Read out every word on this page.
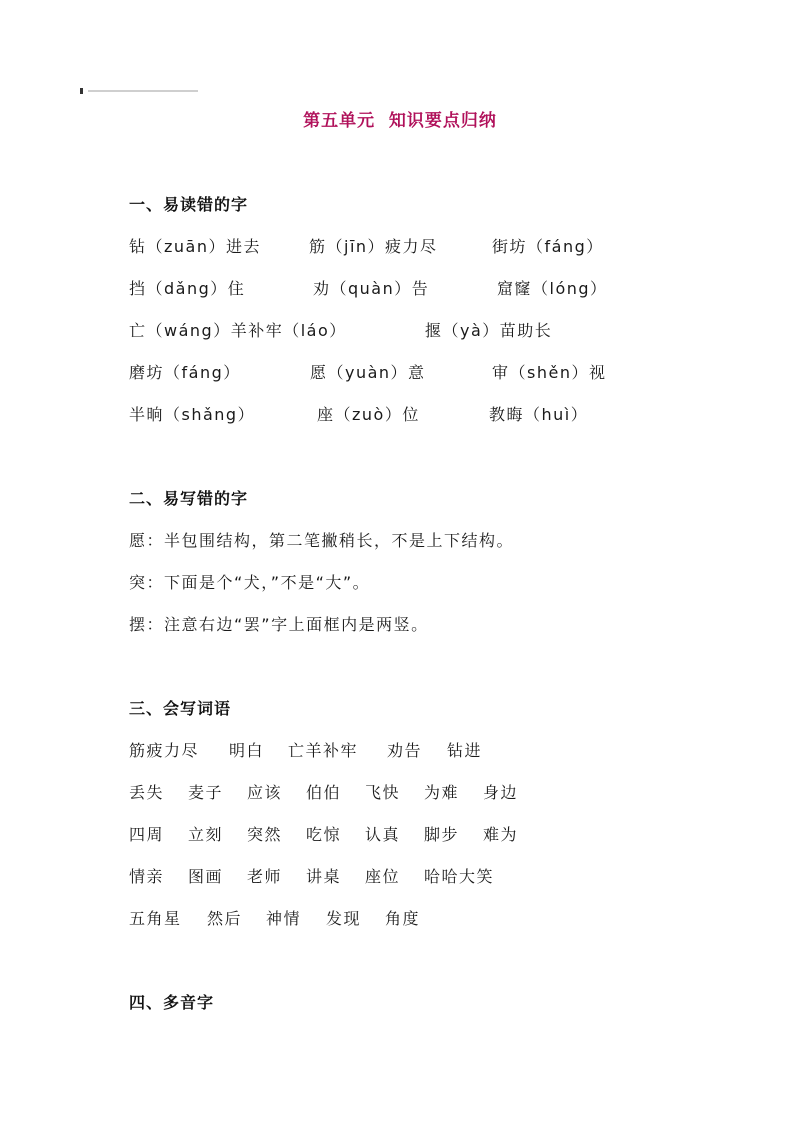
第五单元  知识要点归纳
一、易读错的字
钻（zuān）进去	筋（jīn）疲力尽	街坊（fáng）
挡（dǎng）住	劝（quàn）告	窟窿（lóng）
亡（wáng）羊补牢（láo）	揠（yà）苗助长
磨坊（fáng）	愿（yuàn）意	审（shěn）视
半晌（shǎng）	座（zuò）位	教晦（huì）
二、易写错的字
愿：半包围结构，第二笔撇稍长，不是上下结构。
突：下面是个“犬，”不是“大”。
摆：注意右边“罢”字上面框内是两竖。
三、会写词语
筋疲力尽 明白 亡羊补牢 劝告 钻进
丢失 麦子 应该 伯伯 飞快 为难 身边
四周 立刻 突然 吃惊 认真 脚步 难为
情亲 图画 老师 讲桌 座位 哈哈大笑
五角星 然后 神情 发现 角度
四、多音字
